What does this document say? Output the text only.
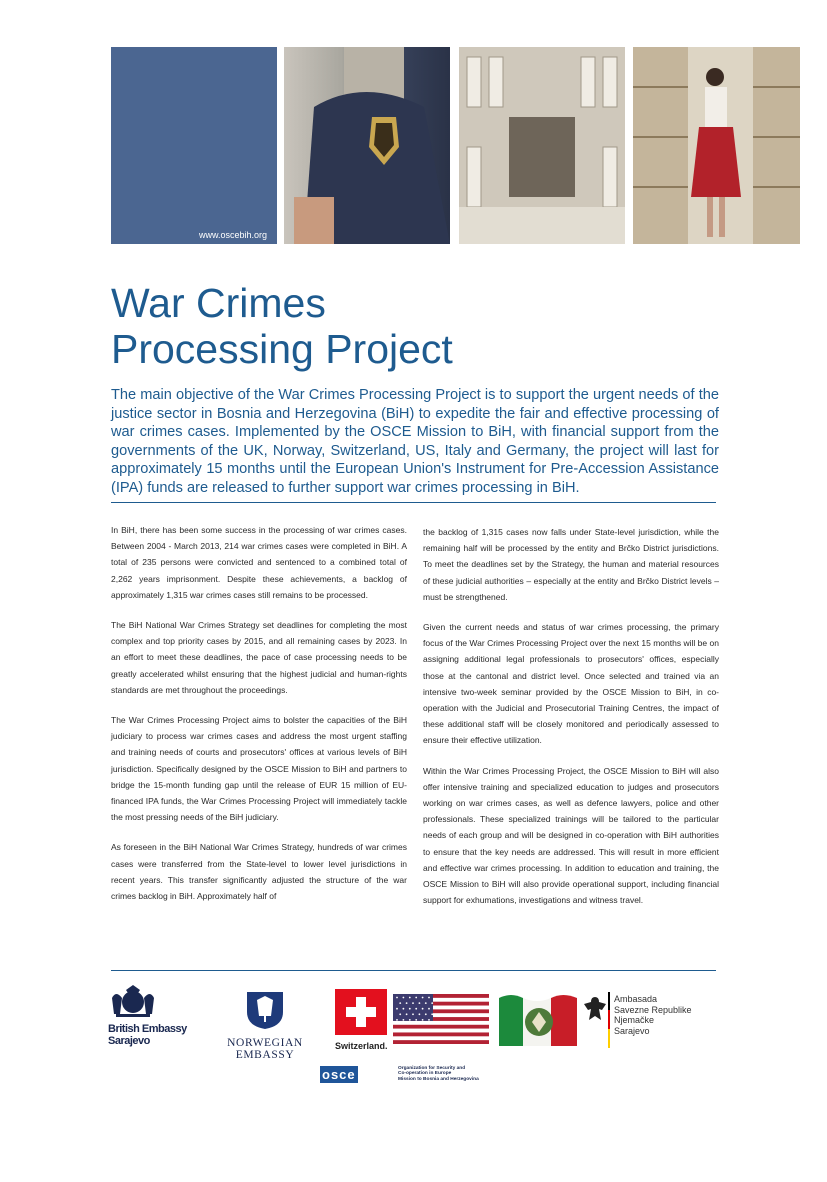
www.oscebih.org
War Crimes
Processing Project

The main objective of the War Crimes Processing Project is to support the urgent needs of the justice sector in Bosnia and Herzegovina (BiH) to expedite the fair and effective processing of war crimes cases. Implemented by the OSCE Mission to BiH, with financial support from the governments of the UK, Norway, Switzerland, US, Italy and Germany, the project will last for approximately 15 months until the European Union's Instrument for Pre-Accession Assistance (IPA) funds are released to further support war crimes processing in BiH.

In BiH, there has been some success in the processing of war crimes cases. Between 2004 - March 2013, 214 war crimes cases were completed in BiH. A total of 235 persons were convicted and sentenced to a combined total of 2,262 years imprisonment. Despite these achievements, a backlog of approximately 1,315 war crimes cases still remains to be processed.

The BiH National War Crimes Strategy set deadlines for completing the most complex and top priority cases by 2015, and all remaining cases by 2023. In an effort to meet these deadlines, the pace of case processing needs to be greatly accelerated whilst ensuring that the highest judicial and human-rights standards are met throughout the proceedings.

The War Crimes Processing Project aims to bolster the capacities of the BiH judiciary to process war crimes cases and address the most urgent staffing and training needs of courts and prosecutors' offices at various levels of BiH jurisdiction. Specifically designed by the OSCE Mission to BiH and partners to bridge the 15-month funding gap until the release of EUR 15 million of EU-financed IPA funds, the War Crimes Processing Project will immediately tackle the most pressing needs of the BiH judiciary.

As foreseen in the BiH National War Crimes Strategy, hundreds of war crimes cases were transferred from the State-level to lower level jurisdictions in recent years. This transfer significantly adjusted the structure of the war crimes backlog in BiH. Approximately half of

the backlog of 1,315 cases now falls under State-level jurisdiction, while the remaining half will be processed by the entity and Brčko District jurisdictions. To meet the deadlines set by the Strategy, the human and material resources of these judicial authorities – especially at the entity and Brčko District levels – must be strengthened.

Given the current needs and status of war crimes processing, the primary focus of the War Crimes Processing Project over the next 15 months will be on assigning additional legal professionals to prosecutors' offices, especially those at the cantonal and district level. Once selected and trained via an intensive two-week seminar provided by the OSCE Mission to BiH, in co-operation with the Judicial and Prosecutorial Training Centres, the impact of these additional staff will be closely monitored and periodically assessed to ensure their effective utilization.

Within the War Crimes Processing Project, the OSCE Mission to BiH will also offer intensive training and specialized education to judges and prosecutors working on war crimes cases, as well as defence lawyers, police and other professionals. These specialized trainings will be tailored to the particular needs of each group and will be designed in co-operation with BiH authorities to ensure that the key needs are addressed. This will result in more efficient and effective war crimes processing. In addition to education and training, the OSCE Mission to BiH will also provide operational support, including financial support for exhumations, investigations and witness travel.

British Embassy
Sarajevo	NORWEGIAN EMBASSY
Switzerland.
Ambasada
Savezne Republike Njemačke
Sarajevo
osce	Organization for Security and
Co-operation in Europe
Mission to Bosnia and Herzegovina
